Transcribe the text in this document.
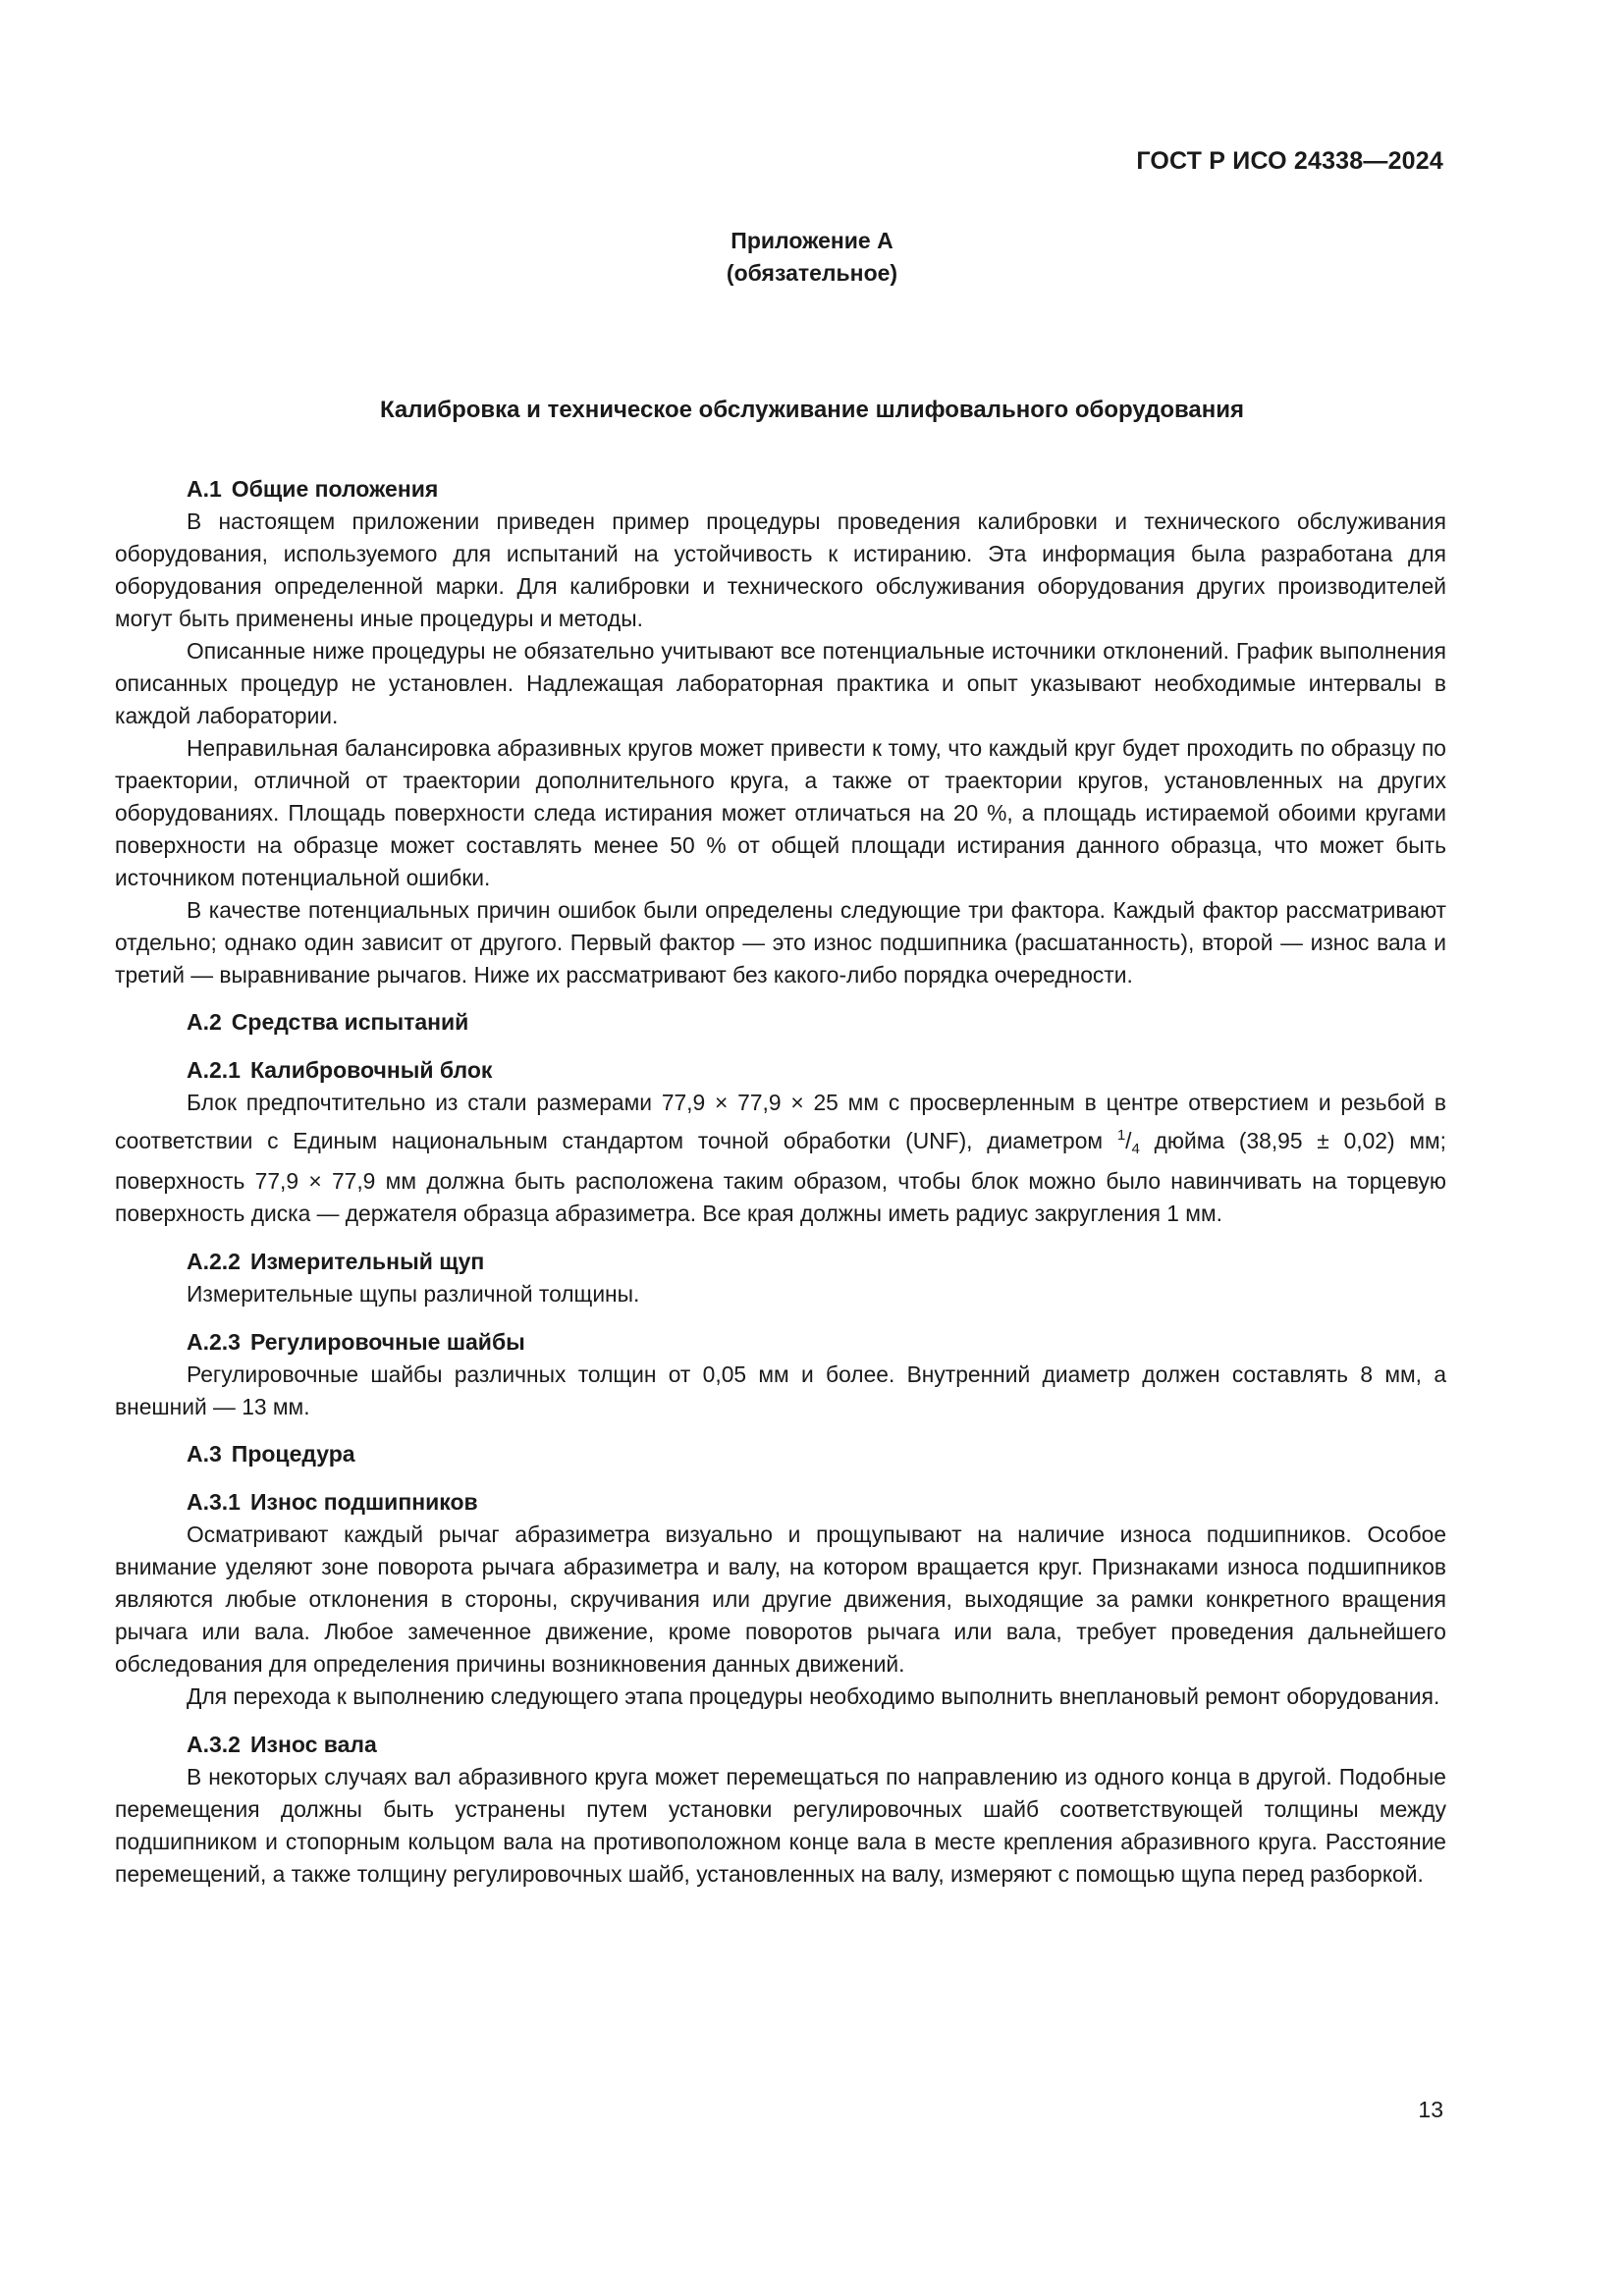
ГОСТ Р ИСО 24338—2024
Приложение А
(обязательное)
Калибровка и техническое обслуживание шлифовального оборудования
А.1 Общие положения

В настоящем приложении приведен пример процедуры проведения калибровки и технического обслуживания оборудования, используемого для испытаний на устойчивость к истиранию. Эта информация была разработана для оборудования определенной марки. Для калибровки и технического обслуживания оборудования других производителей могут быть применены иные процедуры и методы.

Описанные ниже процедуры не обязательно учитывают все потенциальные источники отклонений. График выполнения описанных процедур не установлен. Надлежащая лабораторная практика и опыт указывают необходимые интервалы в каждой лаборатории.

Неправильная балансировка абразивных кругов может привести к тому, что каждый круг будет проходить по образцу по траектории, отличной от траектории дополнительного круга, а также от траектории кругов, установленных на других оборудованиях. Площадь поверхности следа истирания может отличаться на 20 %, а площадь истираемой обоими кругами поверхности на образце может составлять менее 50 % от общей площади истирания данного образца, что может быть источником потенциальной ошибки.

В качестве потенциальных причин ошибок были определены следующие три фактора. Каждый фактор рассматривают отдельно; однако один зависит от другого. Первый фактор — это износ подшипника (расшатанность), второй — износ вала и третий — выравнивание рычагов. Ниже их рассматривают без какого-либо порядка очередности.

А.2 Средства испытаний
А.2.1 Калибровочный блок

Блок предпочтительно из стали размерами 77,9 × 77,9 × 25 мм с просверленным в центре отверстием и резьбой в соответствии с Единым национальным стандартом точной обработки (UNF), диаметром $^1/_4$ дюйма (38,95 ± 0,02) мм; поверхность 77,9 × 77,9 мм должна быть расположена таким образом, чтобы блок можно было навинчивать на торцевую поверхность диска — держателя образца абразиметра. Все края должны иметь радиус закругления 1 мм.

А.2.2 Измерительный щуп

Измерительные щупы различной толщины.

А.2.3 Регулировочные шайбы

Регулировочные шайбы различных толщин от 0,05 мм и более. Внутренний диаметр должен составлять 8 мм, а внешний — 13 мм.

А.3 Процедура
А.3.1 Износ подшипников

Осматривают каждый рычаг абразиметра визуально и прощупывают на наличие износа подшипников. Особое внимание уделяют зоне поворота рычага абразиметра и валу, на котором вращается круг. Признаками износа подшипников являются любые отклонения в стороны, скручивания или другие движения, выходящие за рамки конкретного вращения рычага или вала. Любое замеченное движение, кроме поворотов рычага или вала, требует проведения дальнейшего обследования для определения причины возникновения данных движений.

Для перехода к выполнению следующего этапа процедуры необходимо выполнить внеплановый ремонт оборудования.

А.3.2 Износ вала

В некоторых случаях вал абразивного круга может перемещаться по направлению из одного конца в другой. Подобные перемещения должны быть устранены путем установки регулировочных шайб соответствующей толщины между подшипником и стопорным кольцом вала на противоположном конце вала в месте крепления абразивного круга. Расстояние перемещений, а также толщину регулировочных шайб, установленных на валу, измеряют с помощью щупа перед разборкой.

13
